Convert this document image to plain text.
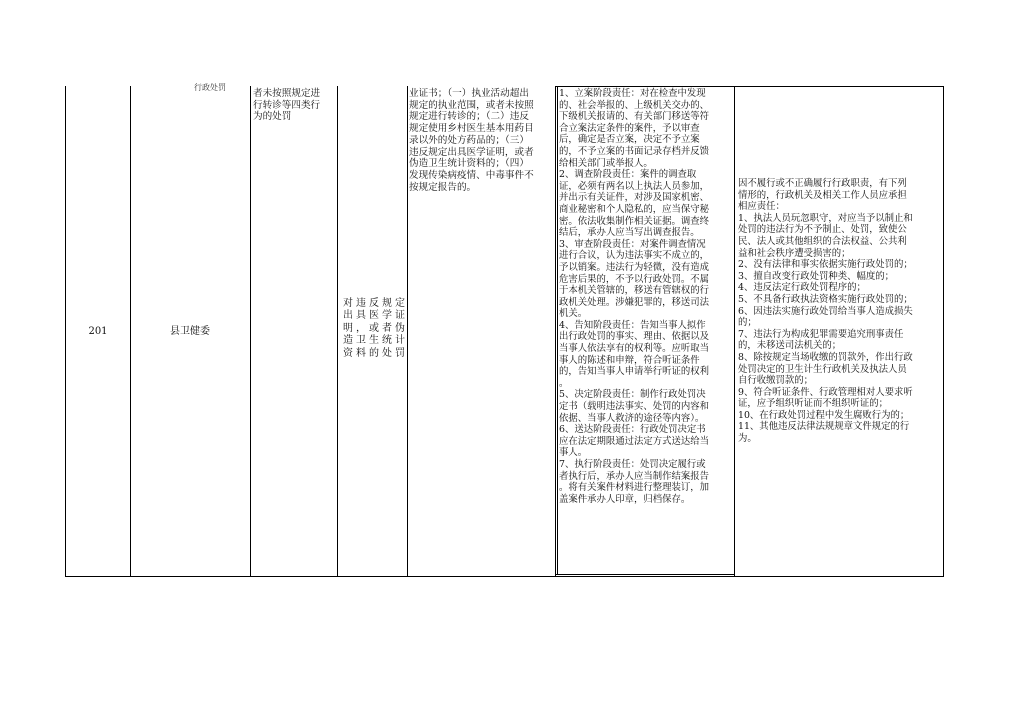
201	县卫健委
行政处罚
者未按照规定进
行转诊等四类行
为的处罚
对违反规定
出具医学证
明，或者伪
造卫生统计
资料的处罚
业证书；（一）执业活动超出
规定的执业范围，或者未按照
规定进行转诊的；（二）违反
规定使用乡村医生基本用药目
录以外的处方药品的；（三）
违反规定出具医学证明，或者
伪造卫生统计资料的；（四）
发现传染病疫情、中毒事件不
按规定报告的。
1、立案阶段责任：对在检查中发现
的、社会举报的、上级机关交办的、
下级机关报请的、有关部门移送等符
合立案法定条件的案件，予以审查
后，确定是否立案，决定不予立案
的，不予立案的书面记录存档并反馈
给相关部门或举报人。
2、调查阶段责任：案件的调查取
证，必须有两名以上执法人员参加，
并出示有关证件，对涉及国家机密、
商业秘密和个人隐私的，应当保守秘
密。依法收集制作相关证据。调查终
结后，承办人应当写出调查报告。
3、审查阶段责任：对案件调查情况
进行合议，认为违法事实不成立的，
予以销案。违法行为轻微，没有造成
危害后果的，不予以行政处罚。不属
于本机关管辖的，移送有管辖权的行
政机关处理。涉嫌犯罪的，移送司法
机关。
4、告知阶段责任：告知当事人拟作
出行政处罚的事实、理由、依据以及
当事人依法享有的权利等。应听取当
事人的陈述和申辩，符合听证条件
的，告知当事人申请举行听证的权利
。
5、决定阶段责任：制作行政处罚决
定书（载明违法事实、处罚的内容和
依据、当事人救济的途径等内容）。
6、送达阶段责任：行政处罚决定书
应在法定期限通过法定方式送达给当
事人。
7、执行阶段责任：处罚决定履行或
者执行后，承办人应当制作结案报告
。将有关案件材料进行整理装订，加
盖案件承办人印章，归档保存。
因不履行或不正确履行行政职责，有下列
情形的，行政机关及相关工作人员应承担
相应责任：
1、执法人员玩忽职守，对应当予以制止和
处罚的违法行为不予制止、处罚，致使公
民、法人或其他组织的合法权益、公共利
益和社会秩序遭受损害的；
2、没有法律和事实依据实施行政处罚的；
3、擅自改变行政处罚种类、幅度的；
4、违反法定行政处罚程序的；
5、不具备行政执法资格实施行政处罚的；
6、因违法实施行政处罚给当事人造成损失
的；
7、违法行为构成犯罪需要追究刑事责任
的，未移送司法机关的；
8、除按规定当场收缴的罚款外，作出行政
处罚决定的卫生计生行政机关及执法人员
自行收缴罚款的；
9、符合听证条件、行政管理相对人要求听
证，应予组织听证而不组织听证的；
10、在行政处罚过程中发生腐败行为的；
11、其他违反法律法规规章文件规定的行
为。
